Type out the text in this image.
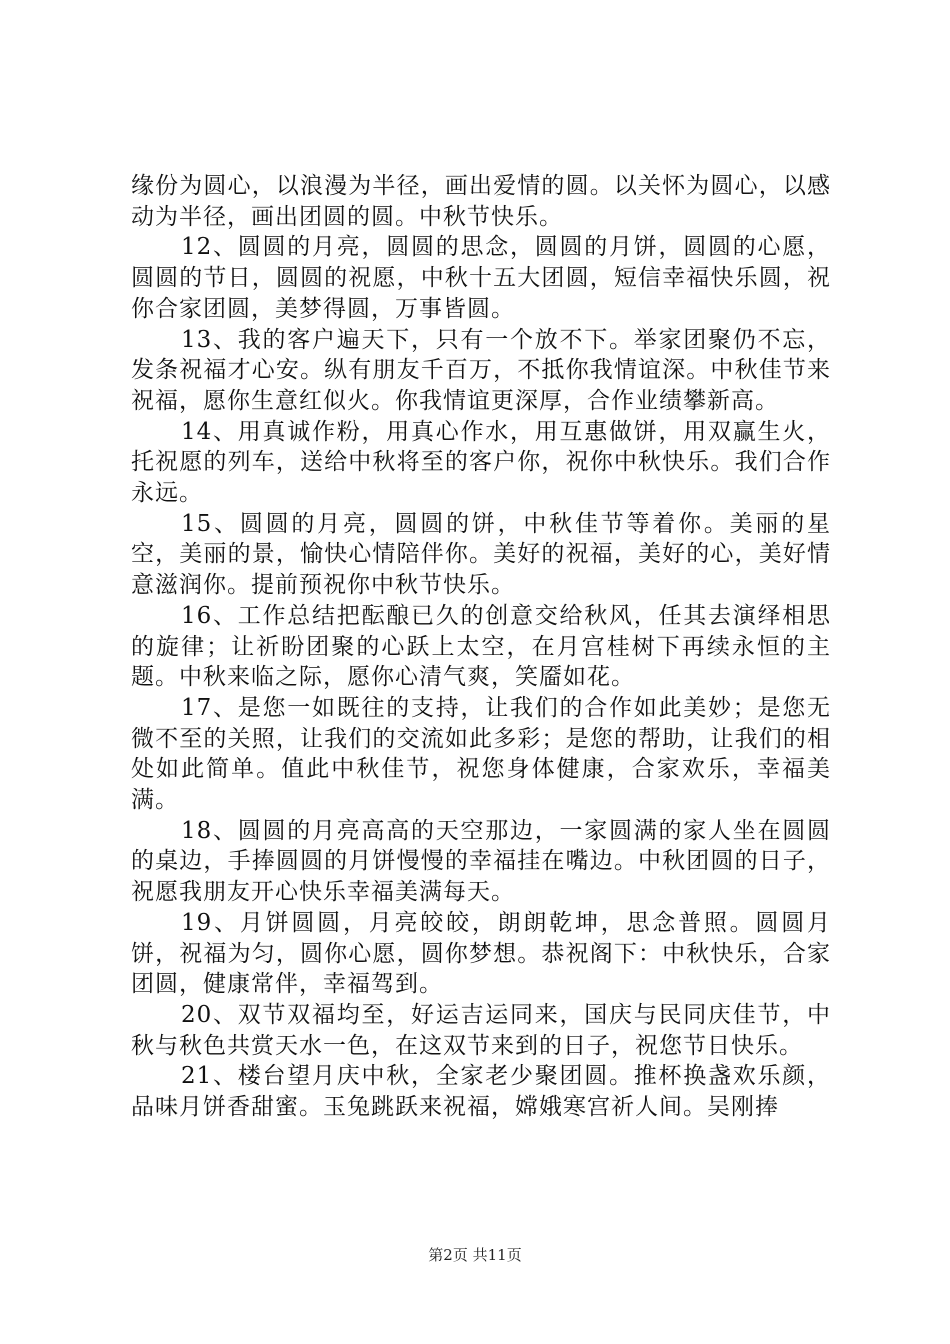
缘份为圆心，以浪漫为半径，画出爱情的圆。以关怀为圆心，以感动为半径，画出团圆的圆。中秋节快乐。

12、圆圆的月亮，圆圆的思念，圆圆的月饼，圆圆的心愿，圆圆的节日，圆圆的祝愿，中秋十五大团圆，短信幸福快乐圆，祝你合家团圆，美梦得圆，万事皆圆。

13、我的客户遍天下，只有一个放不下。举家团聚仍不忘，发条祝福才心安。纵有朋友千百万，不抵你我情谊深。中秋佳节来祝福，愿你生意红似火。你我情谊更深厚，合作业绩攀新高。

14、用真诚作粉，用真心作水，用互惠做饼，用双赢生火，托祝愿的列车，送给中秋将至的客户你，祝你中秋快乐。我们合作永远。

15、圆圆的月亮，圆圆的饼，中秋佳节等着你。美丽的星空，美丽的景，愉快心情陪伴你。美好的祝福，美好的心，美好情意滋润你。提前预祝你中秋节快乐。

16、工作总结把酝酿已久的创意交给秋风，任其去演绎相思的旋律；让祈盼团聚的心跃上太空，在月宫桂树下再续永恒的主题。中秋来临之际，愿你心清气爽，笑靥如花。

17、是您一如既往的支持，让我们的合作如此美妙；是您无微不至的关照，让我们的交流如此多彩；是您的帮助，让我们的相处如此简单。值此中秋佳节，祝您身体健康，合家欢乐，幸福美满。

18、圆圆的月亮高高的天空那边，一家圆满的家人坐在圆圆的桌边，手捧圆圆的月饼慢慢的幸福挂在嘴边。中秋团圆的日子，祝愿我朋友开心快乐幸福美满每天。

19、月饼圆圆，月亮皎皎，朗朗乾坤，思念普照。圆圆月饼，祝福为匀，圆你心愿，圆你梦想。恭祝阁下：中秋快乐，合家团圆，健康常伴，幸福驾到。

20、双节双福均至，好运吉运同来，国庆与民同庆佳节，中秋与秋色共赏天水一色，在这双节来到的日子，祝您节日快乐。

21、楼台望月庆中秋，全家老少聚团圆。推杯换盏欢乐颜，品味月饼香甜蜜。玉兔跳跃来祝福，嫦娥寒宫祈人间。吴刚捧

第2页 共11页
